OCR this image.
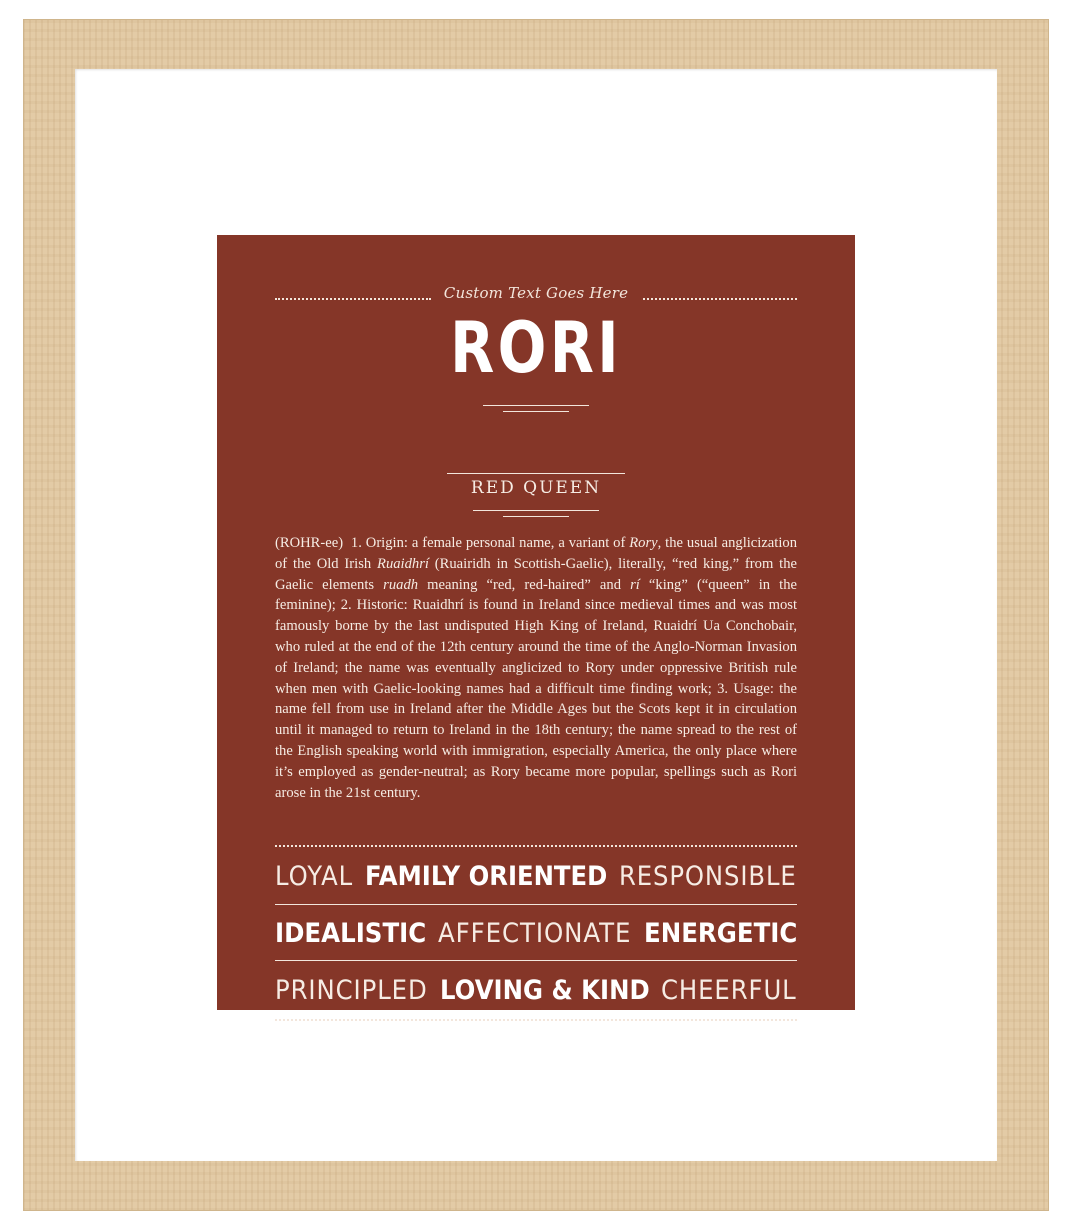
Custom Text Goes Here
RORI
RED QUEEN
(ROHR-ee) 1. Origin: a female personal name, a variant of Rory, the usual anglicization of the Old Irish Ruaidhrí (Ruairidh in Scottish-Gaelic), literally, “red king,” from the Gaelic elements ruadh meaning “red, red-haired” and rí “king” (“queen” in the feminine); 2. Historic: Ruaidhrí is found in Ireland since medieval times and was most famously borne by the last undisputed High King of Ireland, Ruaidrí Ua Conchobair, who ruled at the end of the 12th century around the time of the Anglo-Norman Invasion of Ireland; the name was eventually anglicized to Rory under oppressive British rule when men with Gaelic-looking names had a difficult time finding work; 3. Usage: the name fell from use in Ireland after the Middle Ages but the Scots kept it in circulation until it managed to return to Ireland in the 18th century; the name spread to the rest of the English speaking world with immigration, especially America, the only place where it’s employed as gender-neutral; as Rory became more popular, spellings such as Rori arose in the 21st century.
LOYAL FAMILY ORIENTED RESPONSIBLE
IDEALISTIC AFFECTIONATE ENERGETIC
PRINCIPLED LOVING & KIND CHEERFUL
